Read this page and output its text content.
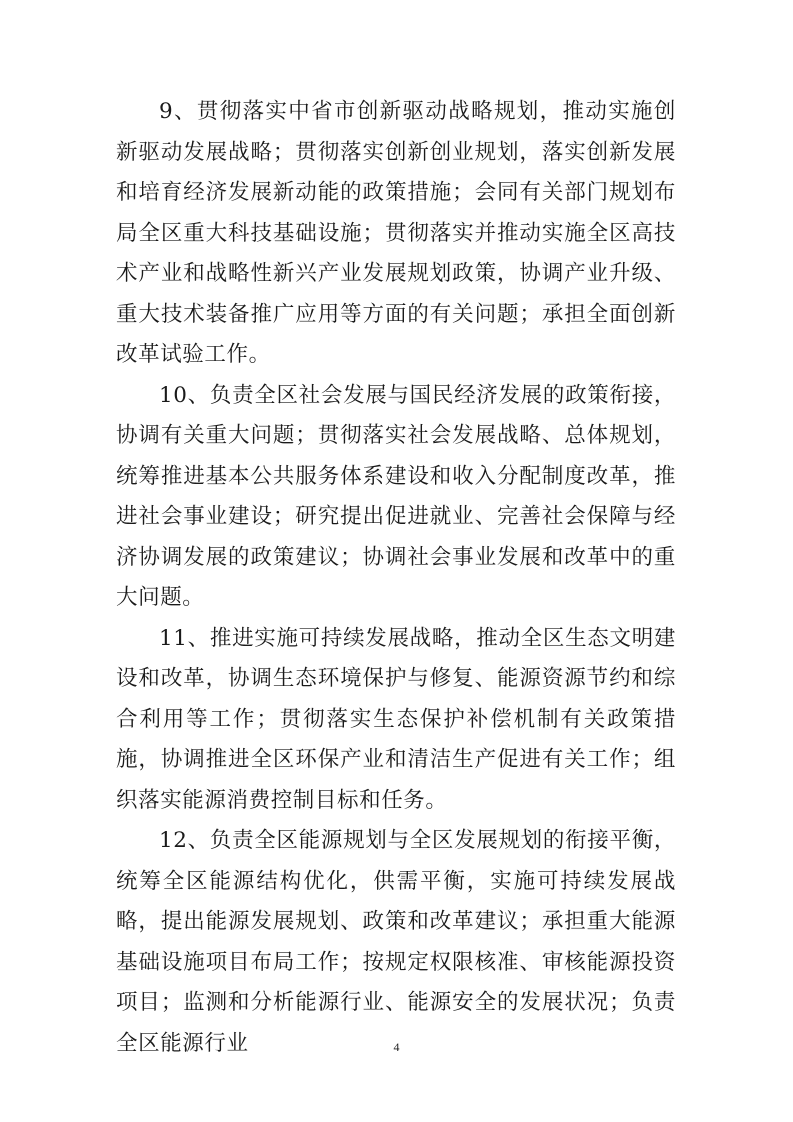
9、贯彻落实中省市创新驱动战略规划，推动实施创新驱动发展战略；贯彻落实创新创业规划，落实创新发展和培育经济发展新动能的政策措施；会同有关部门规划布局全区重大科技基础设施；贯彻落实并推动实施全区高技术产业和战略性新兴产业发展规划政策，协调产业升级、重大技术装备推广应用等方面的有关问题；承担全面创新改革试验工作。

10、负责全区社会发展与国民经济发展的政策衔接，协调有关重大问题；贯彻落实社会发展战略、总体规划，统筹推进基本公共服务体系建设和收入分配制度改革，推进社会事业建设；研究提出促进就业、完善社会保障与经济协调发展的政策建议；协调社会事业发展和改革中的重大问题。

11、推进实施可持续发展战略，推动全区生态文明建设和改革，协调生态环境保护与修复、能源资源节约和综合利用等工作；贯彻落实生态保护补偿机制有关政策措施，协调推进全区环保产业和清洁生产促进有关工作；组织落实能源消费控制目标和任务。

12、负责全区能源规划与全区发展规划的衔接平衡，统筹全区能源结构优化，供需平衡，实施可持续发展战略，提出能源发展规划、政策和改革建议；承担重大能源基础设施项目布局工作；按规定权限核准、审核能源投资项目；监测和分析能源行业、能源安全的发展状况；负责全区能源行业	4
